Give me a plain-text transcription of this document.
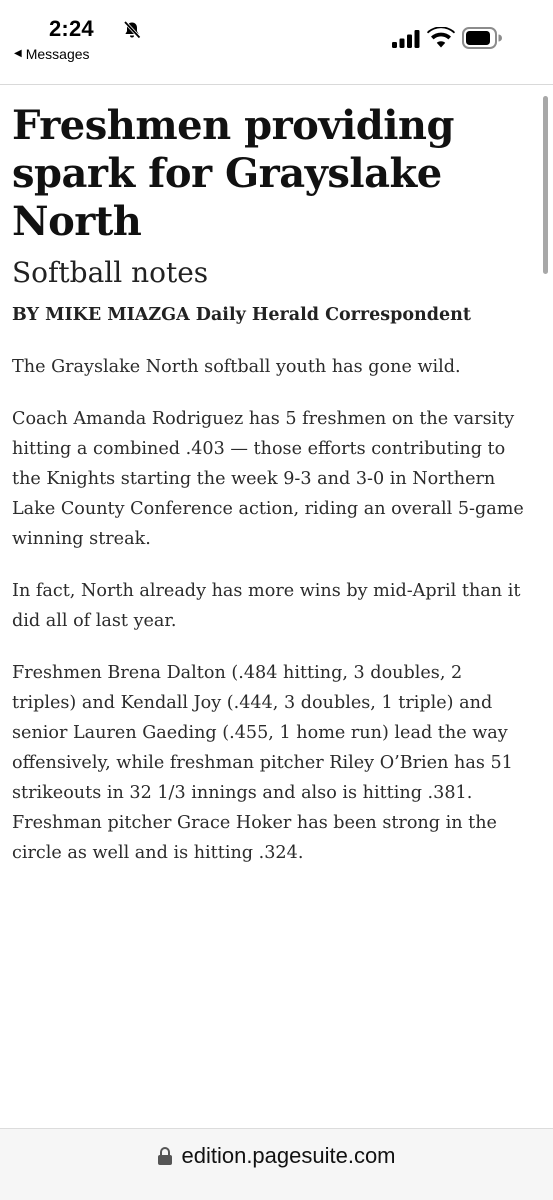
2:24
◀ Messages
Freshmen providing spark for Grayslake North
Softball notes

BY MIKE MIAZGA Daily Herald Correspondent

The Grayslake North softball youth has gone wild.

Coach Amanda Rodriguez has 5 freshmen on the varsity hitting a combined .403 — those efforts contributing to the Knights starting the week 9-3 and 3-0 in Northern Lake County Conference action, riding an overall 5-game winning streak.

In fact, North already has more wins by mid-April than it did all of last year.

Freshmen Brena Dalton (.484 hitting, 3 doubles, 2 triples) and Kendall Joy (.444, 3 doubles, 1 triple) and senior Lauren Gaeding (.455, 1 home run) lead the way offensively, while freshman pitcher Riley O’Brien has 51 strikeouts in 32 1/3 innings and also is hitting .381. Freshman pitcher Grace Hoker has been strong in the circle as well and is hitting .324.

edition.pagesuite.com
